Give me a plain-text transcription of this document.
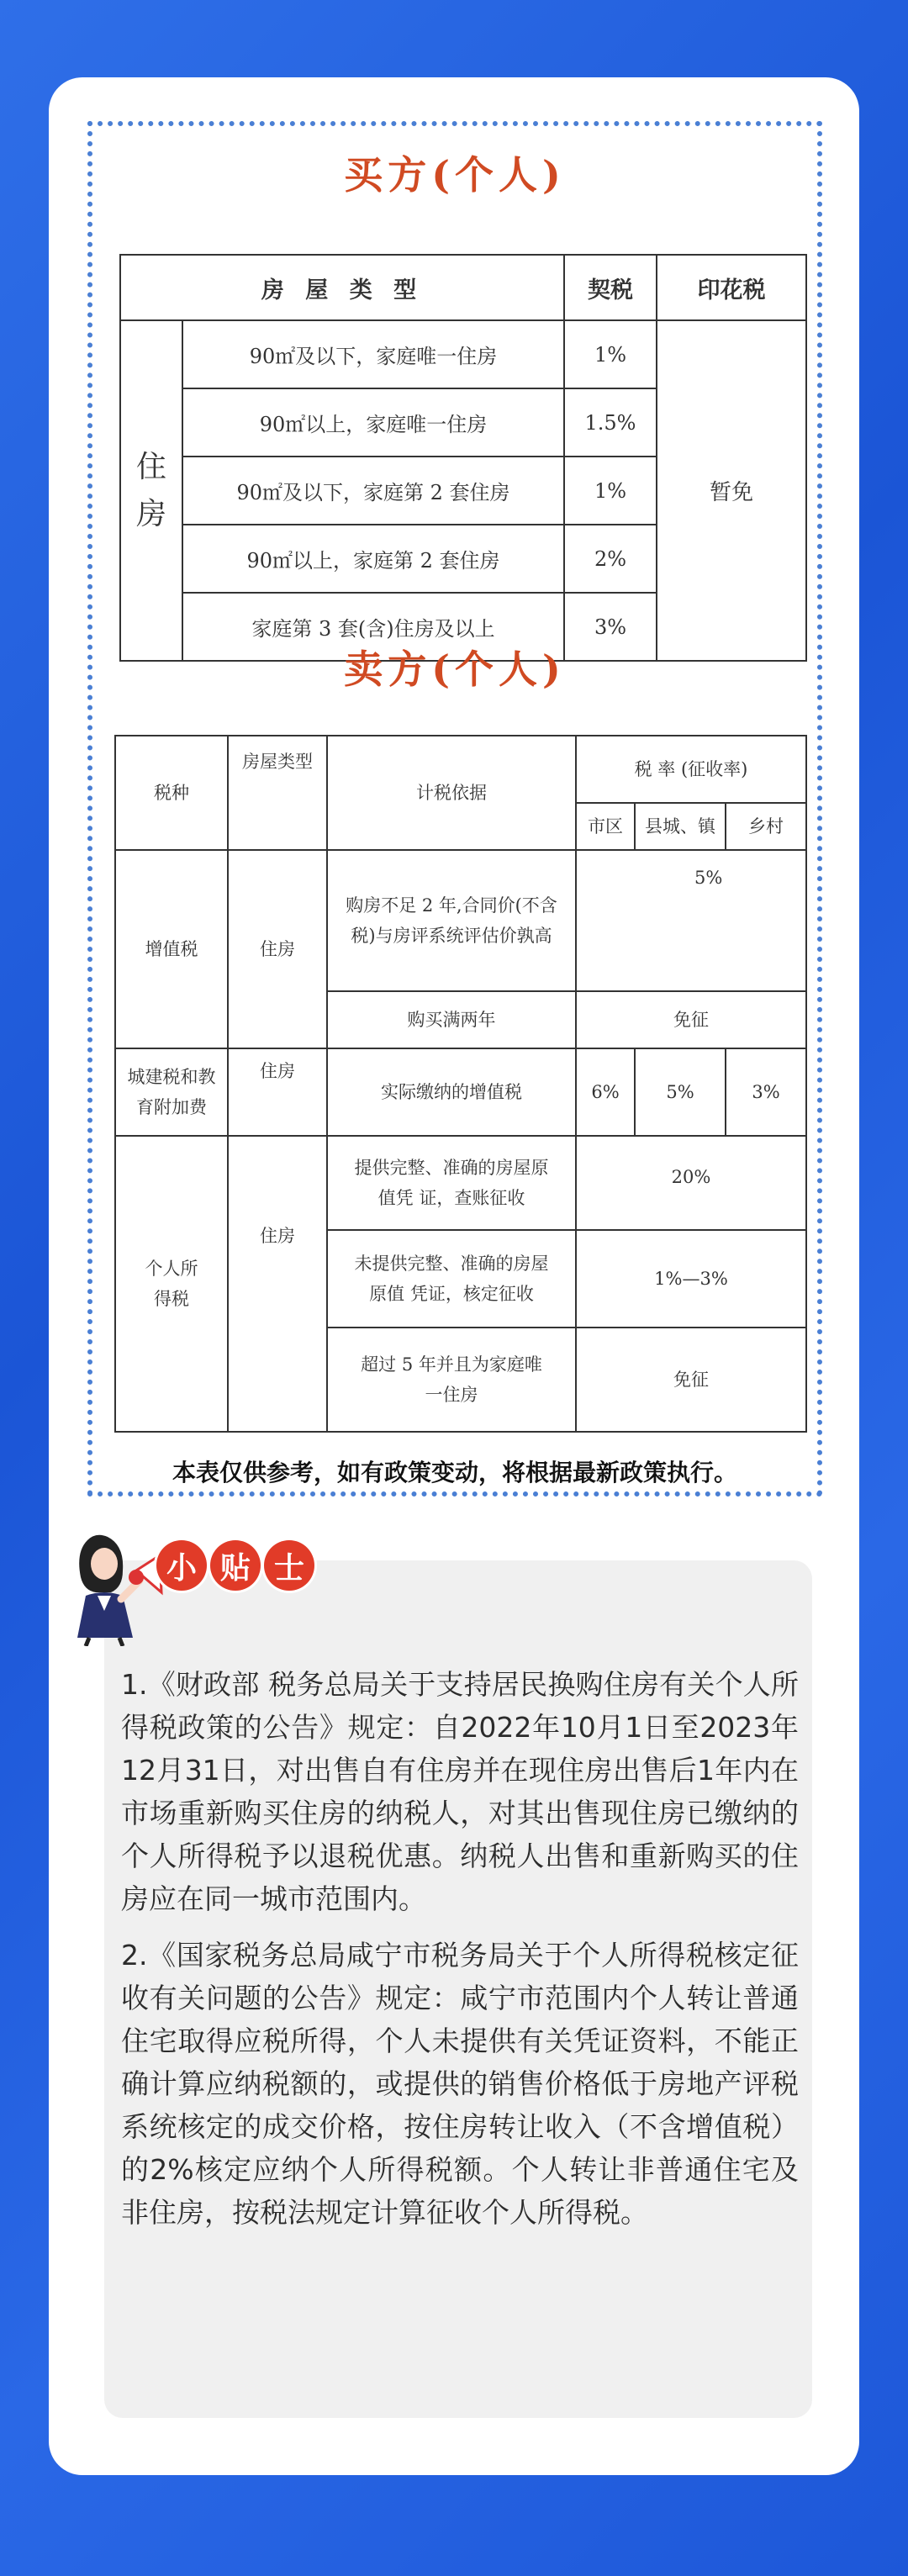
买方(个人)
房 屋 类 型		契税	印花税
住 房	90㎡及以下，家庭唯一住房	1%	暂免
	90㎡以上，家庭唯一住房	1.5%	
	90㎡及以下，家庭第 2 套住房	1%	
	90㎡以上，家庭第 2 套住房	2%	
	家庭第 3 套(含)住房及以上	3%	
卖方(个人)
税种	房屋类型	计税依据	税 率 (征收率)		
			市区	县城、镇	乡村
增值税	住房	购房不足 2 年,合同价(不含 税)与房评系统评估价孰高	5%		
		购买满两年	免征		
城建税和教育附加费	住房	实际缴纳的增值税	6%	5%	3%
个人所得税	住房	提供完整、准确的房屋原值凭 证，查账征收	20%		
		未提供完整、准确的房屋原值 凭证，核定征收	1%—3%		
		超过 5 年并且为家庭唯一住房	免征		
本表仅供参考，如有政策变动，将根据最新政策执行。
小 贴 士

1.《财政部 税务总局关于支持居民换购住房有关个人所得税政策的公告》规定：自2022年10月1日至2023年12月31日，对出售自有住房并在现住房出售后1年内在市场重新购买住房的纳税人，对其出售现住房已缴纳的个人所得税予以退税优惠。纳税人出售和重新购买的住房应在同一城市范围内。

2.《国家税务总局咸宁市税务局关于个人所得税核定征收有关问题的公告》规定：咸宁市范围内个人转让普通住宅取得应税所得，个人未提供有关凭证资料，不能正确计算应纳税额的，或提供的销售价格低于房地产评税系统核定的成交价格，按住房转让收入（不含增值税）的2%核定应纳个人所得税额。个人转让非普通住宅及非住房，按税法规定计算征收个人所得税。
